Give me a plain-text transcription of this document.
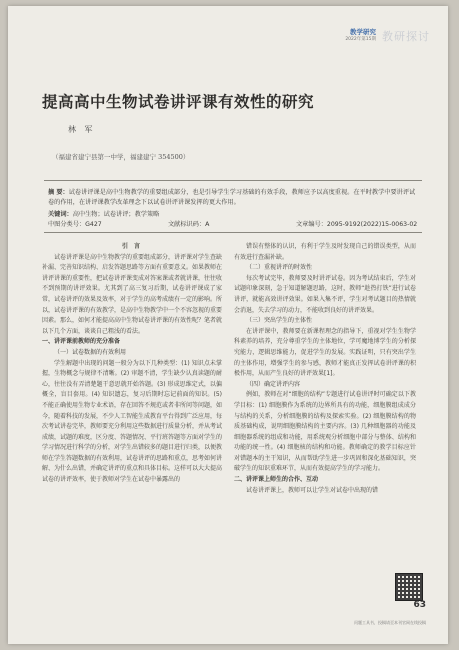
教学研究
2022年第15期 教研探讨
提高高中生物试卷讲评课有效性的研究
林 军
（福建省建宁县第一中学，福建建宁 354500）
摘 要：试卷讲评课是高中生物教学的重要组成部分，也是引导学生学习基础的有效手段，教师应予以高度重视。在平时教学中要讲评试卷的作用，在讲评课教学改革理念下以试卷讲评讲课发挥的更大作用。
关键词：高中生物；试卷讲评；教学策略
中图分类号：G427	文献标识码：A	文章编号：2095-9192(2022)15-0063-02

引 言

试卷讲评课是高中生物教学的重要组成部分，讲评课对学生查缺补漏、完善知识结构、启发答题思路等方面有重要意义。如果教师在讲评讲课的重要性，把试卷讲评课变成对答案课或者就讲课，往往收不到预期的讲评效果。尤其到了高三复习后期，试卷讲评课成了家常，试卷讲评的效果及效率，对于学生的高考成绩有一定的影响。所以，试卷讲评课的有效教学，是高中生物教学中一个不容忽视的重要因素。那么，如何才能提高高中生物试卷讲评课的有效性呢？笔者就以下几个方面，谈谈自己粗浅的看法。

一、讲评课前教师的充分准备

（一）试卷数据的有效利用

学生解题中出现的问题一般分为以下几种类型：(1) 知识点未掌握，生物概念与规律不清晰。(2) 审题不清，学生缺少认真读题的耐心，往往没有弄清楚题干意思就开始答题。(3) 形成思维定式，以偏概全，盲目套用。(4) 知识遗忘，复习后期时忘记前面的知识。(5) 不能正确使用生物专业术语，存在回答不规范或者非所问等问题，如今，随着科技的发展，不少人工智能生成教育平台得到广泛应用，每次考试讲卷完毕，教师要充分利用这些数据进行质量分析，并从考试成绩，试题的难度，区分度、答题情况、平行班答题等方面对学生的学习情况进行科学的分析，对学生出错较多的题目进行归类，以便教师在学生答题数据的有效利用，试卷讲评的思路和重点，思考如何讲解、为什么出错，并确定讲评的重点和具体目标。这样可以大大提高试卷的讲评效率，使于教师对学生在试卷中暴露出的

错误有整体的认识，有利于学生及时发现自己的错误类型，从而有效进行查漏补缺。

（二）重视讲评的时效性

每次考试完毕，教师要及时讲评试卷。因为考试结束后，学生对试题印象深刻，急于知道解题思路，这时，教师“趁热打铁”进行试卷讲评，就能高效讲评效果。如果入集不评，学生对考试题目的热情就会消退，失去学习的动力，不能收到良好的讲评效果。

（三）突出学生的主体性

在讲评课中，教师要在新课程理念的指导下，重视对学生生物学科素养的培养，充分尊重学生的主体地位，学可魔地博学生的分析探究能力，逻辑思维能力，促进学生的发展。实践证明，只有突出学生的主体作用，增强学生的参与感，教师才能真正发挥试卷讲评课的积极作用，从而产生良好的讲评效果[1]。

（四）确定讲评内容

例如，教师在对“细胞的结构”专题进行试卷讲评时可确定以下教学目标：(1) 细胞膜作为系统的边界所具有的功能，细胞膜组成成分与结构的关系，分析细胞膜的结构及探索实验。(2) 细胞膜结构的物质基础构成，说明细胞膜结构的主要内容。(3) 几种细胞器的功能及细胞器系统的组成和功能，用系统观分析细胞中部分与整体、结构和功能的统一性。(4) 细胞核的结构和功能。教师确定的教学目标应针对错题本的主干知识，从而帮助学生进一步巩固和深化基础知识，突破学生的知识重难环节，从而有效提高学生的学习能力。

二、讲评课上师生的合作、互动

试卷讲评课上，教师可以让学生对试卷中出现的错

63
问题工具书，投稿请至本刊官网在线投稿
